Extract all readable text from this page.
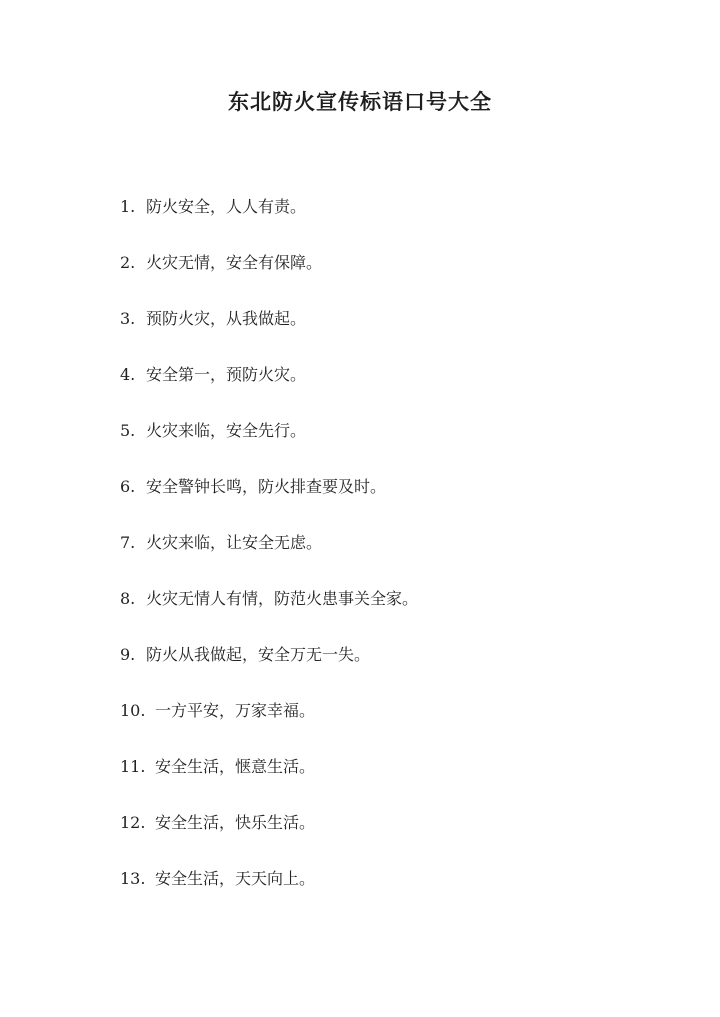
东北防火宣传标语口号大全
1. 防火安全，人人有责。
2. 火灾无情，安全有保障。
3. 预防火灾，从我做起。
4. 安全第一，预防火灾。
5. 火灾来临，安全先行。
6. 安全警钟长鸣，防火排查要及时。
7. 火灾来临，让安全无虑。
8. 火灾无情人有情，防范火患事关全家。
9. 防火从我做起，安全万无一失。
10. 一方平安，万家幸福。
11. 安全生活，惬意生活。
12. 安全生活，快乐生活。
13. 安全生活，天天向上。
